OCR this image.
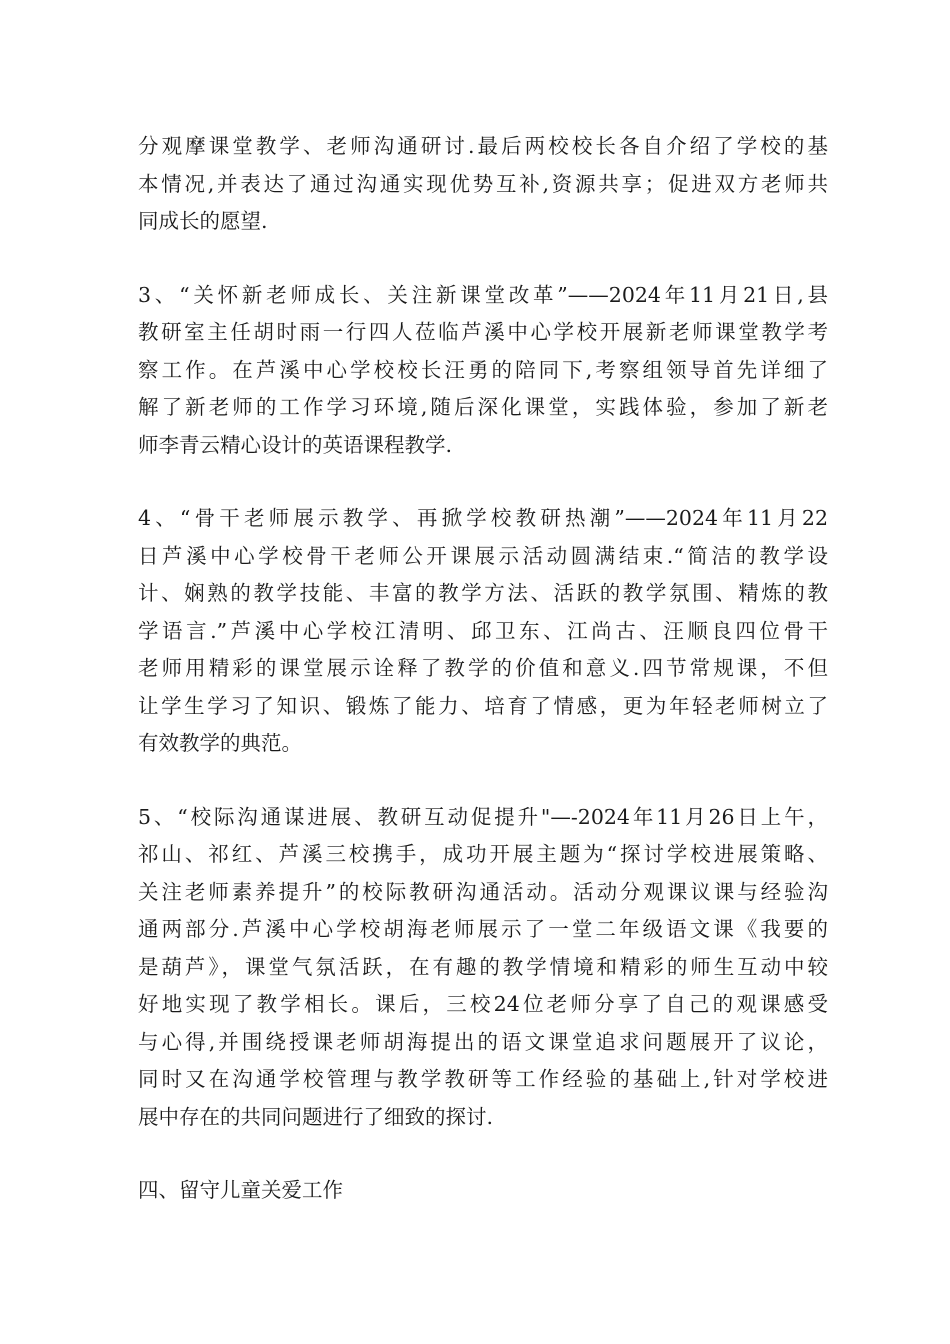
分观摩课堂教学、老师沟通研讨.最后两校校长各自介绍了学校的基
本情况,并表达了通过沟通实现优势互补,资源共享；促进双方老师共
同成长的愿望.
3、“关怀新老师成长、关注新课堂改革”——2024年11月21日,县
教研室主任胡时雨一行四人莅临芦溪中心学校开展新老师课堂教学考
察工作。在芦溪中心学校校长汪勇的陪同下,考察组领导首先详细了
解了新老师的工作学习环境,随后深化课堂，实践体验，参加了新老
师李青云精心设计的英语课程教学.
4、“骨干老师展示教学、再掀学校教研热潮”——2024年11月22
日芦溪中心学校骨干老师公开课展示活动圆满结束.“简洁的教学设
计、娴熟的教学技能、丰富的教学方法、活跃的教学氛围、精炼的教
学语言.”芦溪中心学校江清明、邱卫东、江尚古、汪顺良四位骨干
老师用精彩的课堂展示诠释了教学的价值和意义.四节常规课，不但
让学生学习了知识、锻炼了能力、培育了情感，更为年轻老师树立了
有效教学的典范。
5、“校际沟通谋进展、教研互动促提升"—-2024年11月26日上午，
祁山、祁红、芦溪三校携手，成功开展主题为“探讨学校进展策略、
关注老师素养提升”的校际教研沟通活动。活动分观课议课与经验沟
通两部分.芦溪中心学校胡海老师展示了一堂二年级语文课《我要的
是葫芦》，课堂气氛活跃，在有趣的教学情境和精彩的师生互动中较
好地实现了教学相长。课后，三校24位老师分享了自己的观课感受
与心得,并围绕授课老师胡海提出的语文课堂追求问题展开了议论，
同时又在沟通学校管理与教学教研等工作经验的基础上,针对学校进
展中存在的共同问题进行了细致的探讨.
四、留守儿童关爱工作
